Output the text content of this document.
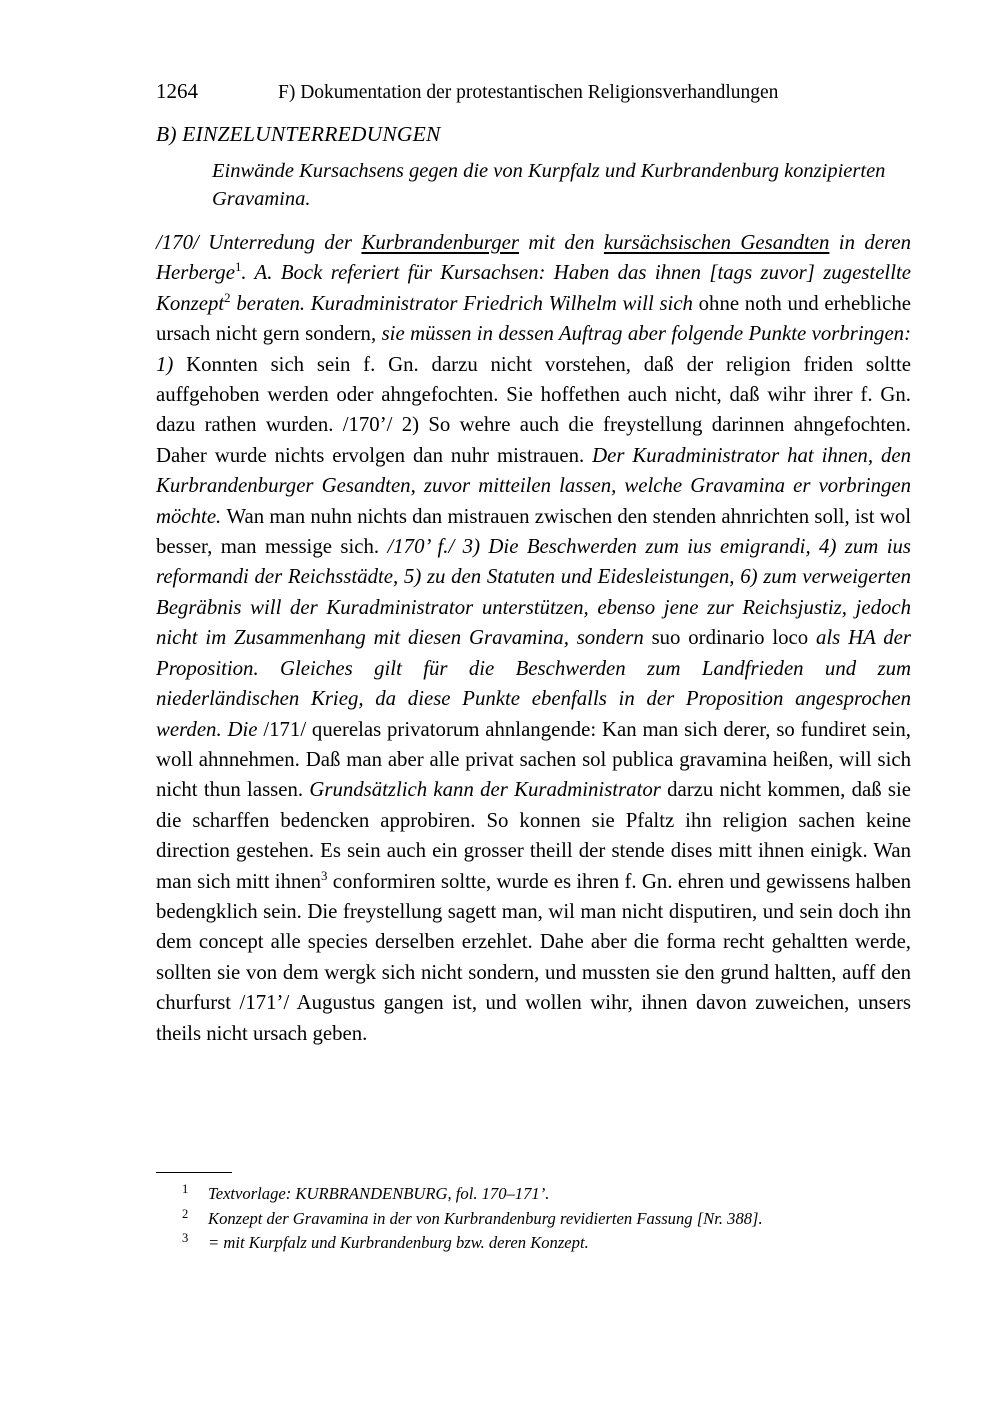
1264	F) Dokumentation der protestantischen Religionsverhandlungen
B) EINZELUNTERREDUNGEN
Einwände Kursachsens gegen die von Kurpfalz und Kurbrandenburg konzipierten Gravamina.
/170/ Unterredung der Kurbrandenburger mit den kursächsischen Gesandten in deren Herberge$^1$. A. Bock referiert für Kursachsen: Haben das ihnen [tags zuvor] zugestellte Konzept$^2$ beraten. Kuradministrator Friedrich Wilhelm will sich ohne noth und erhebliche ursach nicht gern sondern, sie müssen in dessen Auftrag aber folgende Punkte vorbringen: 1) Konnten sich sein f. Gn. darzu nicht vorstehen, daß der religion friden soltte auffgehoben werden oder ahngefochten. Sie hoffethen auch nicht, daß wihr ihrer f. Gn. dazu rathen wurden. /170’/ 2) So wehre auch die freystellung darinnen ahngefochten. Daher wurde nichts ervolgen dan nuhr mistrauen. Der Kuradministrator hat ihnen, den Kurbrandenburger Gesandten, zuvor mitteilen lassen, welche Gravamina er vorbringen möchte. Wan man nuhn nichts dan mistrauen zwischen den stenden ahnrichten soll, ist wol besser, man messige sich. /170’ f./ 3) Die Beschwerden zum ius emigrandi, 4) zum ius reformandi der Reichsstädte, 5) zu den Statuten und Eidesleistungen, 6) zum verweigerten Begräbnis will der Kuradministrator unterstützen, ebenso jene zur Reichsjustiz, jedoch nicht im Zusammenhang mit diesen Gravamina, sondern suo ordinario loco als HA der Proposition. Gleiches gilt für die Beschwerden zum Landfrieden und zum niederländischen Krieg, da diese Punkte ebenfalls in der Proposition angesprochen werden. Die /171/ querelas privatorum ahnlangende: Kan man sich derer, so fundiret sein, woll ahnnehmen. Daß man aber alle privat sachen sol publica gravamina heißen, will sich nicht thun lassen. Grundsätzlich kann der Kuradministrator darzu nicht kommen, daß sie die scharffen bedencken approbiren. So konnen sie Pfaltz ihn religion sachen keine direction gestehen. Es sein auch ein grosser theill der stende dises mitt ihnen einigk. Wan man sich mitt ihnen$^3$ conformiren soltte, wurde es ihren f. Gn. ehren und gewissens halben bedengklich sein. Die freystellung sagett man, wil man nicht disputiren, und sein doch ihn dem concept alle species derselben erzehlet. Dahe aber die forma recht gehaltten werde, sollten sie von dem wergk sich nicht sondern, und mussten sie den grund haltten, auff den churfurst /171’/ Augustus gangen ist, und wollen wihr, ihnen davon zuweichen, unsers theils nicht ursach geben.
1 Textvorlage: KURBRANDENBURG, fol. 170–171’.
2 Konzept der Gravamina in der von Kurbrandenburg revidierten Fassung [Nr. 388].
3 = mit Kurpfalz und Kurbrandenburg bzw. deren Konzept.
